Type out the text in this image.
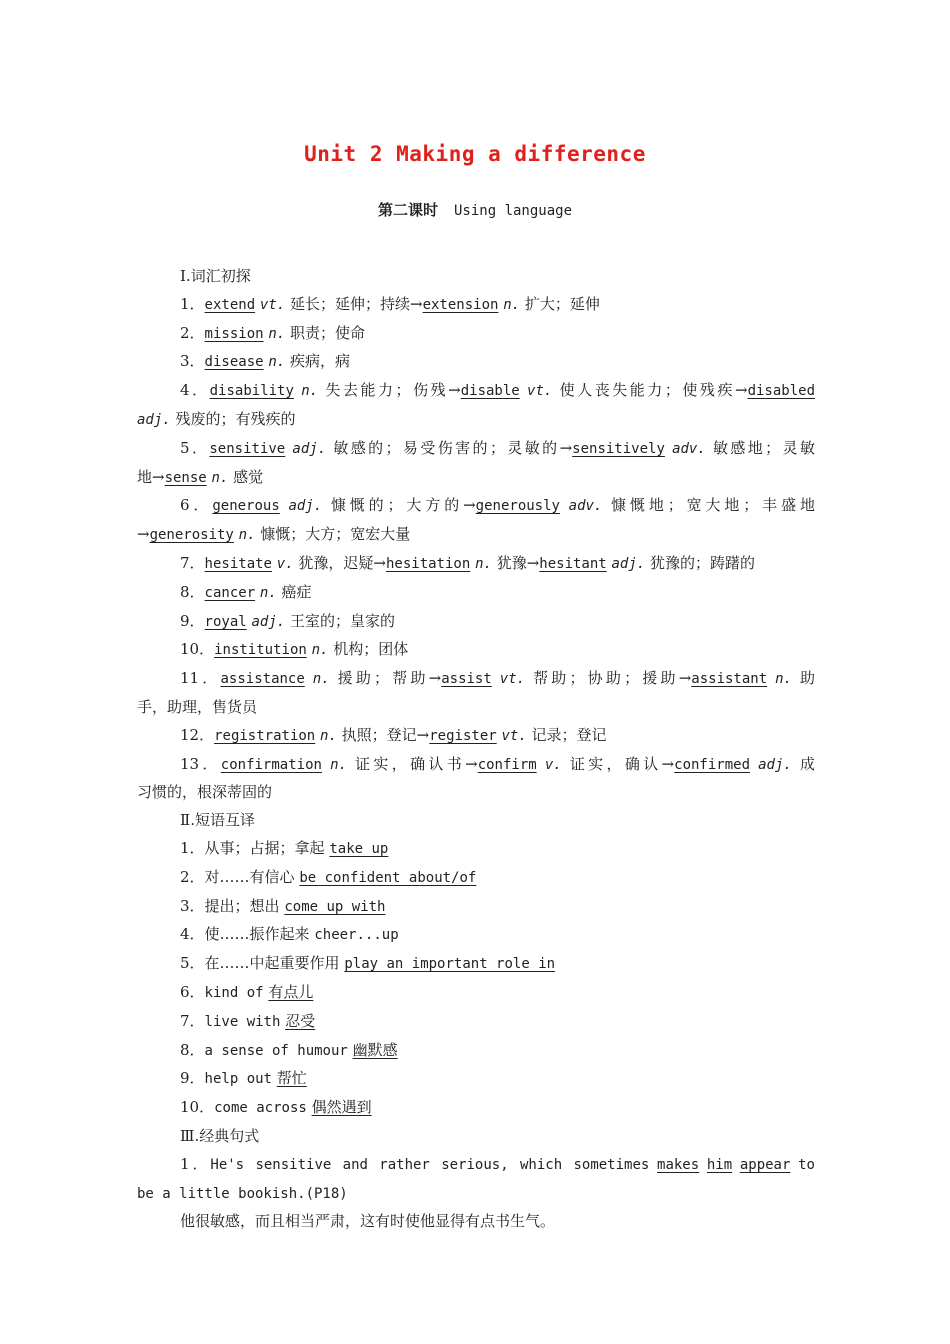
Unit 2 Making a difference
第二课时 Using language
Ⅰ.词汇初探
1．extend vt. 延长；延伸；持续→extension n. 扩大；延伸
2．mission n. 职责；使命
3．disease n. 疾病，病
4．disability n. 失去能力；伤残→disable vt. 使人丧失能力；使残疾→disabled
adj. 残废的；有残疾的
5．sensitive adj. 敏感的；易受伤害的；灵敏的→sensitively adv. 敏感地；灵敏
地→sense n. 感觉
6．generous adj. 慷慨的；大方的→generously adv. 慷慨地；宽大地；丰盛地
→generosity n. 慷慨；大方；宽宏大量
7．hesitate v. 犹豫，迟疑→hesitation n. 犹豫→hesitant adj. 犹豫的；踌躇的
8．cancer n. 癌症
9．royal adj. 王室的；皇家的
10．institution n. 机构；团体
11．assistance n. 援助；帮助→assist vt. 帮助；协助；援助→assistant n. 助
手，助理，售货员
12．registration n. 执照；登记→register vt. 记录；登记
13．confirmation n. 证实，确认书→confirm v. 证实，确认→confirmed adj. 成
习惯的，根深蒂固的
Ⅱ.短语互译
1．从事；占据；拿起 take up
2．对……有信心 be confident about/of
3．提出；想出 come up with
4．使……振作起来 cheer...up
5．在……中起重要作用 play an important role in
6．kind of 有点儿
7．live with 忍受
8．a sense of humour 幽默感
9．help out 帮忙
10．come across 偶然遇到
Ⅲ.经典句式
1．He's sensitive and rather serious, which sometimes makes him appear to
be a little bookish.(P18)
他很敏感，而且相当严肃，这有时使他显得有点书生气。
